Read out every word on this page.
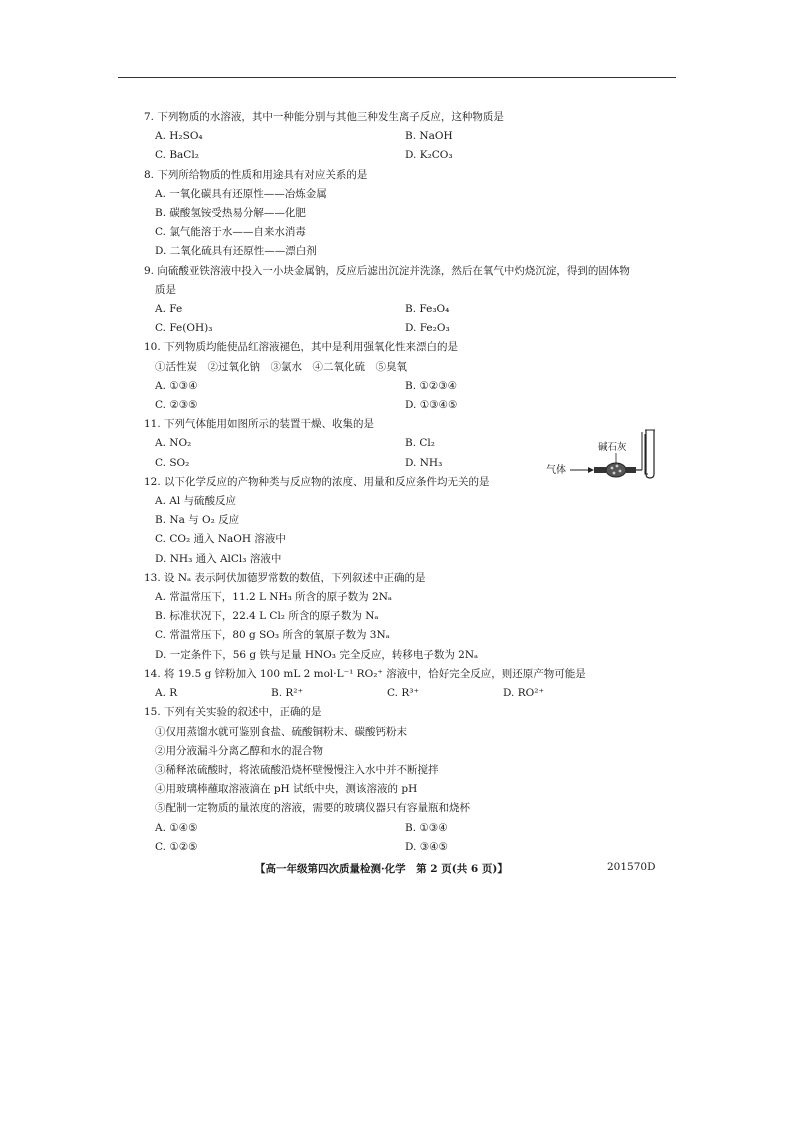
7. 下列物质的水溶液，其中一种能分别与其他三种发生离子反应，这种物质是

A. H₂SO₄	B. NaOH
C. BaCl₂	D. K₂CO₃

8. 下列所给物质的性质和用途具有对应关系的是

A. 一氧化碳具有还原性——冶炼金属
B. 碳酸氢铵受热易分解——化肥
C. 氯气能溶于水——自来水消毒
D. 二氧化硫具有还原性——漂白剂

9. 向硫酸亚铁溶液中投入一小块金属钠，反应后滤出沉淀并洗涤，然后在氧气中灼烧沉淀，得到的固体物

质是

A. Fe	B. Fe₃O₄
C. Fe(OH)₃	D. Fe₂O₃

10. 下列物质均能使品红溶液褪色，其中是利用强氧化性来漂白的是

①活性炭　②过氧化钠　③氯水　④二氧化硫　⑤臭氧
A. ①③④	B. ①②③④
C. ②③⑤	D. ①③④⑤

11. 下列气体能用如图所示的装置干燥、收集的是

A. NO₂	B. Cl₂
C. SO₂	D. NH₃

12. 以下化学反应的产物种类与反应物的浓度、用量和反应条件均无关的是

A. Al 与硫酸反应
B. Na 与 O₂ 反应
C. CO₂ 通入 NaOH 溶液中
D. NH₃ 通入 AlCl₃ 溶液中

13. 设 Nₐ 表示阿伏加德罗常数的数值，下列叙述中正确的是

A. 常温常压下，11.2 L NH₃ 所含的原子数为 2Nₐ
B. 标准状况下，22.4 L Cl₂ 所含的原子数为 Nₐ
C. 常温常压下，80 g SO₃ 所含的氧原子数为 3Nₐ
D. 一定条件下，56 g 铁与足量 HNO₃ 完全反应，转移电子数为 2Nₐ

14. 将 19.5 g 锌粉加入 100 mL 2 mol·L⁻¹ RO₂⁺ 溶液中，恰好完全反应，则还原产物可能是

A. R	B. R²⁺	C. R³⁺	D. RO²⁺

15. 下列有关实验的叙述中，正确的是

①仅用蒸馏水就可鉴别食盐、硫酸铜粉末、碳酸钙粉末
②用分液漏斗分离乙醇和水的混合物
③稀释浓硫酸时，将浓硫酸沿烧杯壁慢慢注入水中并不断搅拌
④用玻璃棒蘸取溶液滴在 pH 试纸中央，测该溶液的 pH
⑤配制一定物质的量浓度的溶液，需要的玻璃仪器只有容量瓶和烧杯
A. ①④⑤	B. ①③④
C. ①②⑤	D. ③④⑤
气体
碱石灰
【高一年级第四次质量检测·化学　第 2 页(共 6 页)】	201570D
